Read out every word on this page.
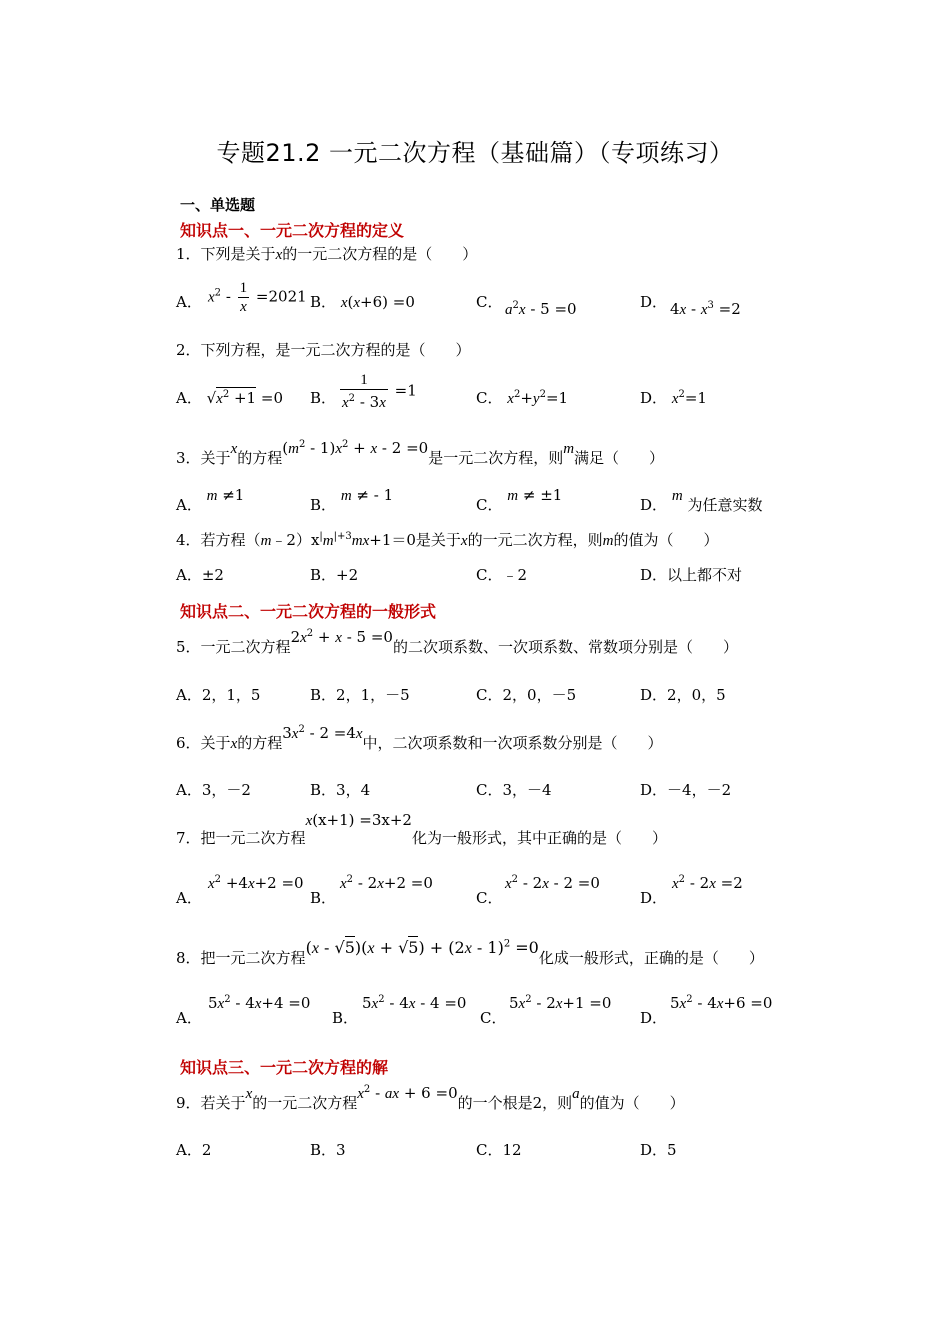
专题21.2 一元二次方程（基础篇）（专项练习）
一、单选题
知识点一、一元二次方程的定义
1．下列是关于x的一元二次方程的是（　　）
A． $x^2 - \frac{1}{x} =2021$ B． x(x+6) =0	C． $a^2x - 5 =0$	D． $4x - x^3 =2$
2．下列方程，是一元二次方程的是（　　）
A． $√x^2 +1 =0$ B． $\frac{1}{x^2 - 3x} =1$	C． $x^2+y^2=1$	D． $x^2=1$
3．关于x的方程$(m^2 - 1)x^2 + x - 2 =0$是一元二次方程，则m满足（　　）
A． m ≠1
B． m ≠ - 1
C． m ≠ ±1
D． m 为任意实数
4．若方程$(m﹣2)x^|m^{|+3}mx+1=0$是关于x的一元二次方程，则m的值为（　　）
A．±2	B．+2	C．﹣2	D．以上都不对
知识点二、一元二次方程的一般形式
5．一元二次方程$2x^2 + x - 5 =0$的二次项系数、一次项系数、常数项分别是（　　）
A．2，1，5	B．2，1，－5	C．2，0，－5	D．2，0，5
6．关于x的方程$3x^2 - 2 =4x$中，二次项系数和一次项系数分别是（　　）
A．3，－2	B．3，4	C．3，－4	D．－4，－2
7．把一元二次方程x(x+1) =3x+2化为一般形式，其中正确的是（　　）
A．
$x^2 +4x+2 =0$
B．
$x^2 - 2x+2 =0$
C．
$x^2 - 2x - 2 =0$
D．
$x^2 - 2x =2$
8．把一元二次方程(x - √5)(x + √5) + (2x - 1)$^2$ =0化成一般形式，正确的是（　　）
A．
$5x^2 - 4x+4 =0$
B．
$5x^2 - 4x - 4 =0$
C．
$5x^2 - 2x+1 =0$
D．
$5x^2 - 4x+6 =0$
知识点三、一元二次方程的解
9．若关于x的一元二次方程$x^2$ - ax + 6 =0的一个根是2，则a的值为（　　）
A．2	B．3	C．12	D．5
